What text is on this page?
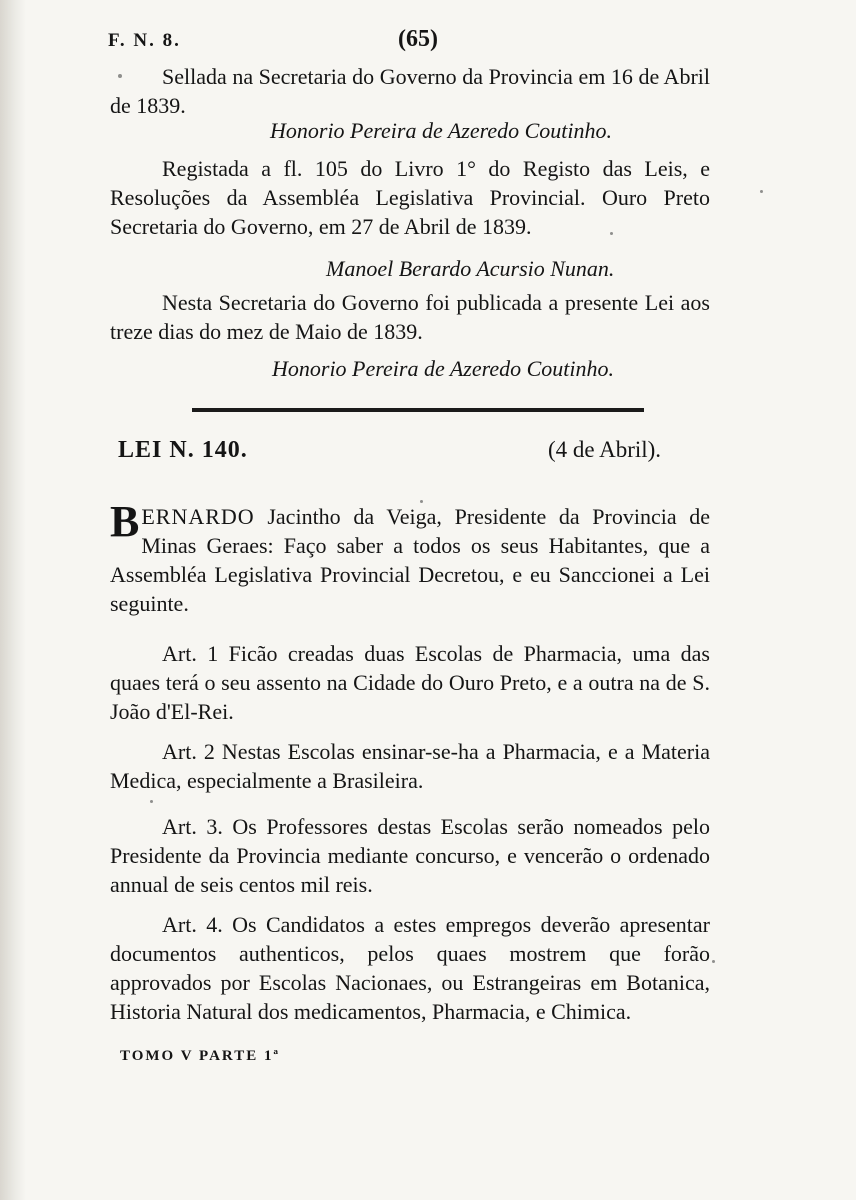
F. N. 8.	(65)
Sellada na Secretaria do Governo da Provincia em 16 de Abril de 1839.
Honorio Pereira de Azeredo Coutinho.
Registada a fl. 105 do Livro 1° do Registo das Leis, e Resoluções da Assembléa Legislativa Provincial. Ouro Preto Secretaria do Governo, em 27 de Abril de 1839.
Manoel Berardo Acursio Nunan.
Nesta Secretaria do Governo foi publicada a presente Lei aos treze dias do mez de Maio de 1839.
Honorio Pereira de Azeredo Coutinho.
LEI N. 140.	(4 de Abril).
BERNARDO Jacintho da Veiga, Presidente da Provincia de Minas Geraes: Faço saber a todos os seus Habitantes, que a Assembléa Legislativa Provincial Decretou, e eu Sanccionei a Lei seguinte.
Art. 1 Ficão creadas duas Escolas de Pharmacia, uma das quaes terá o seu assento na Cidade do Ouro Preto, e a outra na de S. João d'El-Rei.
Art. 2 Nestas Escolas ensinar-se-ha a Pharmacia, e a Materia Medica, especialmente a Brasileira.
Art. 3. Os Professores destas Escolas serão nomeados pelo Presidente da Provincia mediante concurso, e vencerão o ordenado annual de seis centos mil reis.
Art. 4. Os Candidatos a estes empregos deverão apresentar documentos authenticos, pelos quaes mostrem que forão approvados por Escolas Nacionaes, ou Estrangeiras em Botanica, Historia Natural dos medicamentos, Pharmacia, e Chimica.
TOMO V PARTE 1ª
